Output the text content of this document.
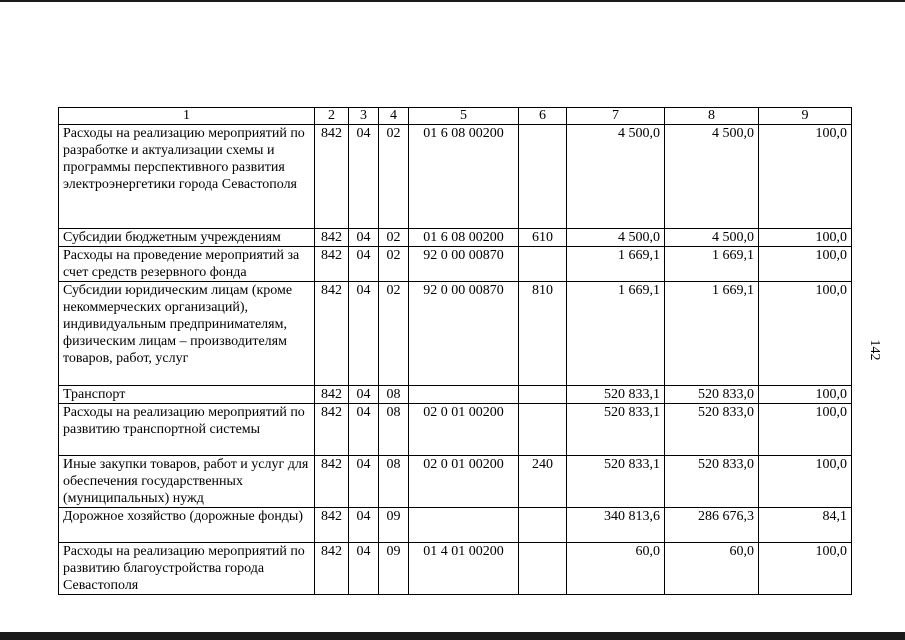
1	2	3	4	5	6	7	8	9
Расходы на реализацию мероприятий по разработке и актуализации схемы и программы перспективного развития электроэнергетики города Севастополя	842	04	02	01 6 08 00200		4 500,0	4 500,0	100,0
Субсидии бюджетным учреждениям	842	04	02	01 6 08 00200	610	4 500,0	4 500,0	100,0
Расходы на проведение мероприятий за счет средств резервного фонда	842	04	02	92 0 00 00870		1 669,1	1 669,1	100,0
Субсидии юридическим лицам (кроме некоммерческих организаций), индивидуальным предпринимателям, физическим лицам – производителям товаров, работ, услуг	842	04	02	92 0 00 00870	810	1 669,1	1 669,1	100,0
Транспорт	842	04	08			520 833,1	520 833,0	100,0
Расходы на реализацию мероприятий по развитию транспортной системы	842	04	08	02 0 01 00200		520 833,1	520 833,0	100,0
Иные закупки товаров, работ и услуг для обеспечения государственных (муниципальных) нужд	842	04	08	02 0 01 00200	240	520 833,1	520 833,0	100,0
Дорожное хозяйство (дорожные фонды)	842	04	09			340 813,6	286 676,3	84,1
Расходы на реализацию мероприятий по развитию благоустройства города Севастополя	842	04	09	01 4 01 00200		60,0	60,0	100,0
142
